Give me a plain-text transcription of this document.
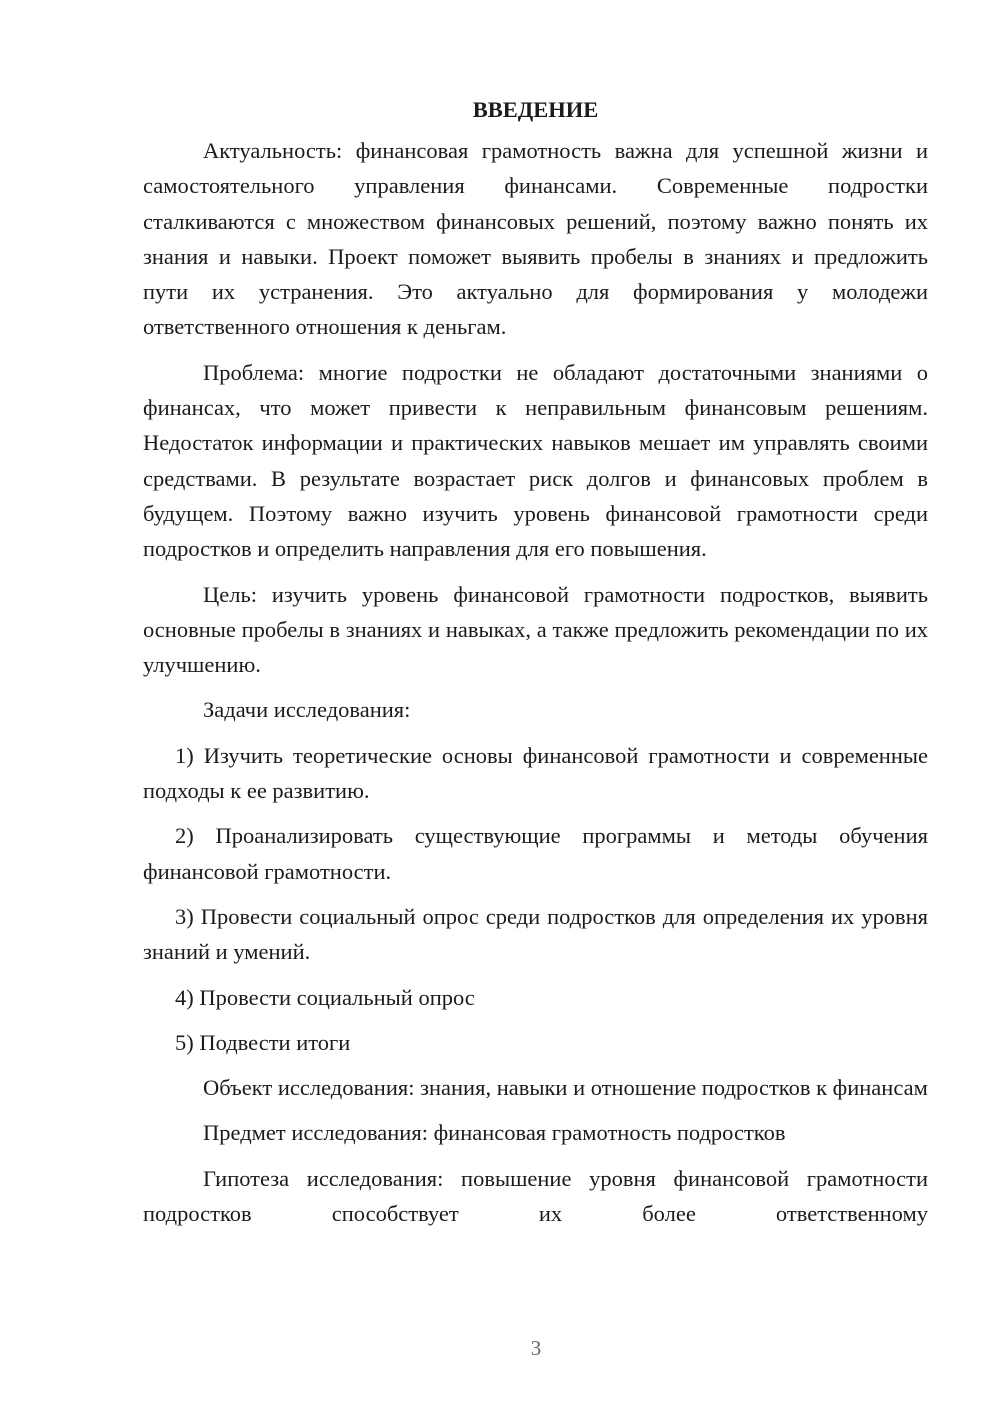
ВВЕДЕНИЕ

Актуальность: финансовая грамотность важна для успешной жизни и самостоятельного управления финансами. Современные подростки сталкиваются с множеством финансовых решений, поэтому важно понять их знания и навыки. Проект поможет выявить пробелы в знаниях и предложить пути их устранения. Это актуально для формирования у молодежи ответственного отношения к деньгам.

Проблема: многие подростки не обладают достаточными знаниями о финансах, что может привести к неправильным финансовым решениям. Недостаток информации и практических навыков мешает им управлять своими средствами. В результате возрастает риск долгов и финансовых проблем в будущем. Поэтому важно изучить уровень финансовой грамотности среди подростков и определить направления для его повышения.

Цель: изучить уровень финансовой грамотности подростков, выявить основные пробелы в знаниях и навыках, а также предложить рекомендации по их улучшению.

Задачи исследования:

1) Изучить теоретические основы финансовой грамотности и современные подходы к ее развитию.

2) Проанализировать существующие программы и методы обучения финансовой грамотности.

3) Провести социальный опрос среди подростков для определения их уровня знаний и умений.

4) Провести социальный опрос

5) Подвести итоги

Объект исследования: знания, навыки и отношение подростков к финансам

Предмет исследования: финансовая грамотность подростков

Гипотеза исследования: повышение уровня финансовой грамотности подростков способствует их более ответственному

3
